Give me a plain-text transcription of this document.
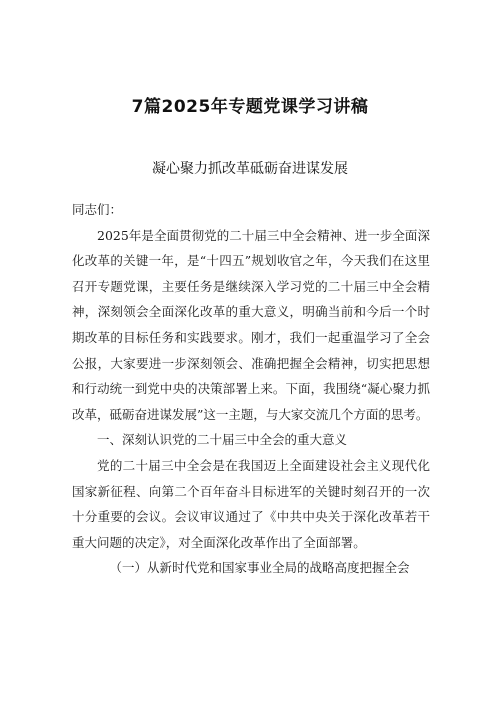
7篇2025年专题党课学习讲稿
凝心聚力抓改革砥砺奋进谋发展

同志们：

2025年是全面贯彻党的二十届三中全会精神、进一步全面深化改革的关键一年，是“十四五”规划收官之年，今天我们在这里召开专题党课，主要任务是继续深入学习党的二十届三中全会精神，深刻领会全面深化改革的重大意义，明确当前和今后一个时期改革的目标任务和实践要求。刚才，我们一起重温学习了全会公报，大家要进一步深刻领会、准确把握全会精神，切实把思想和行动统一到党中央的决策部署上来。下面，我围绕“凝心聚力抓改革，砥砺奋进谋发展”这一主题，与大家交流几个方面的思考。

一、深刻认识党的二十届三中全会的重大意义

党的二十届三中全会是在我国迈上全面建设社会主义现代化国家新征程、向第二个百年奋斗目标进军的关键时刻召开的一次十分重要的会议。会议审议通过了《中共中央关于深化改革若干重大问题的决定》，对全面深化改革作出了全面部署。

（一）从新时代党和国家事业全局的战略高度把握全会
